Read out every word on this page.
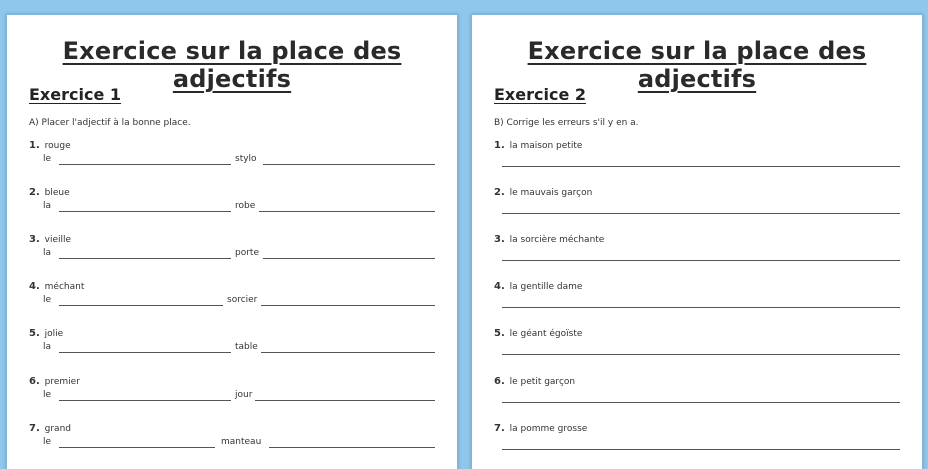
Exercice sur la place des adjectifs
Exercice 1
A) Placer l'adjectif à la bonne place.
1. rouge
le	stylo
2. bleue
la	robe
3. vieille
la	porte
4. méchant
le	sorcier
5. jolie
la	table
6. premier
le	jour
7. grand
le	manteau
Exercice sur la place des adjectifs
Exercice 2
B) Corrige les erreurs s'il y en a.
1. la maison petite
2. le mauvais garçon
3. la sorcière méchante
4. la gentille dame
5. le géant égoïste
6. le petit garçon
7. la pomme grosse
